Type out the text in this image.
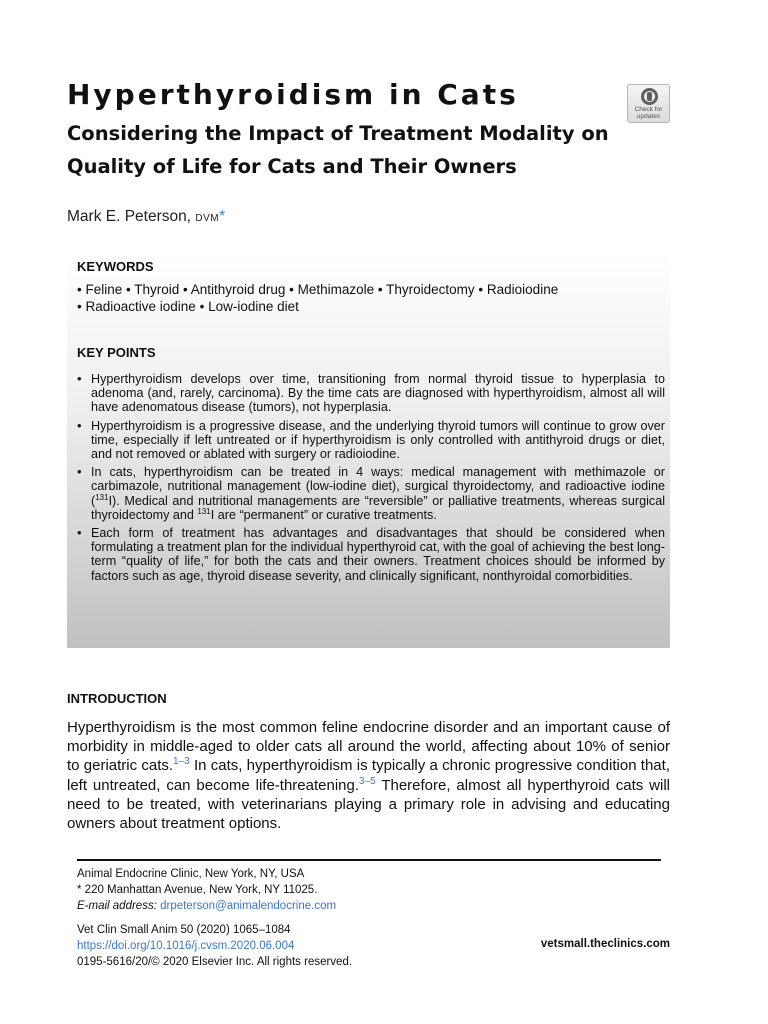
Hyperthyroidism in Cats
Considering the Impact of Treatment Modality on Quality of Life for Cats and Their Owners
Check for updates
Mark E. Peterson, DVM*
KEYWORDS
• Feline • Thyroid • Antithyroid drug • Methimazole • Thyroidectomy • Radioiodine • Radioactive iodine • Low-iodine diet
KEY POINTS
• Hyperthyroidism develops over time, transitioning from normal thyroid tissue to hyperplasia to adenoma (and, rarely, carcinoma). By the time cats are diagnosed with hyperthyroidism, almost all will have adenomatous disease (tumors), not hyperplasia.
• Hyperthyroidism is a progressive disease, and the underlying thyroid tumors will continue to grow over time, especially if left untreated or if hyperthyroidism is only controlled with antithyroid drugs or diet, and not removed or ablated with surgery or radioiodine.
• In cats, hyperthyroidism can be treated in 4 ways: medical management with methimazole or carbimazole, nutritional management (low-iodine diet), surgical thyroidectomy, and radioactive iodine ($^{131}$I). Medical and nutritional managements are “reversible” or palliative treatments, whereas surgical thyroidectomy and $^{131}$I are “permanent” or curative treatments.
• Each form of treatment has advantages and disadvantages that should be considered when formulating a treatment plan for the individual hyperthyroid cat, with the goal of achieving the best long-term “quality of life,” for both the cats and their owners. Treatment choices should be informed by factors such as age, thyroid disease severity, and clinically significant, nonthyroidal comorbidities.
INTRODUCTION

Hyperthyroidism is the most common feline endocrine disorder and an important cause of morbidity in middle-aged to older cats all around the world, affecting about 10% of senior to geriatric cats.$^{1-3}$ In cats, hyperthyroidism is typically a chronic progressive condition that, left untreated, can become life-threatening.$^{3-5}$ Therefore, almost all hyperthyroid cats will need to be treated, with veterinarians playing a primary role in advising and educating owners about treatment options.

Animal Endocrine Clinic, New York, NY, USA
* 220 Manhattan Avenue, New York, NY 11025.
E-mail address: drpeterson@animalendocrine.com
Vet Clin Small Anim 50 (2020) 1065–1084
https://doi.org/10.1016/j.cvsm.2020.06.004
0195-5616/20/© 2020 Elsevier Inc. All rights reserved.
vetsmall.theclinics.com
